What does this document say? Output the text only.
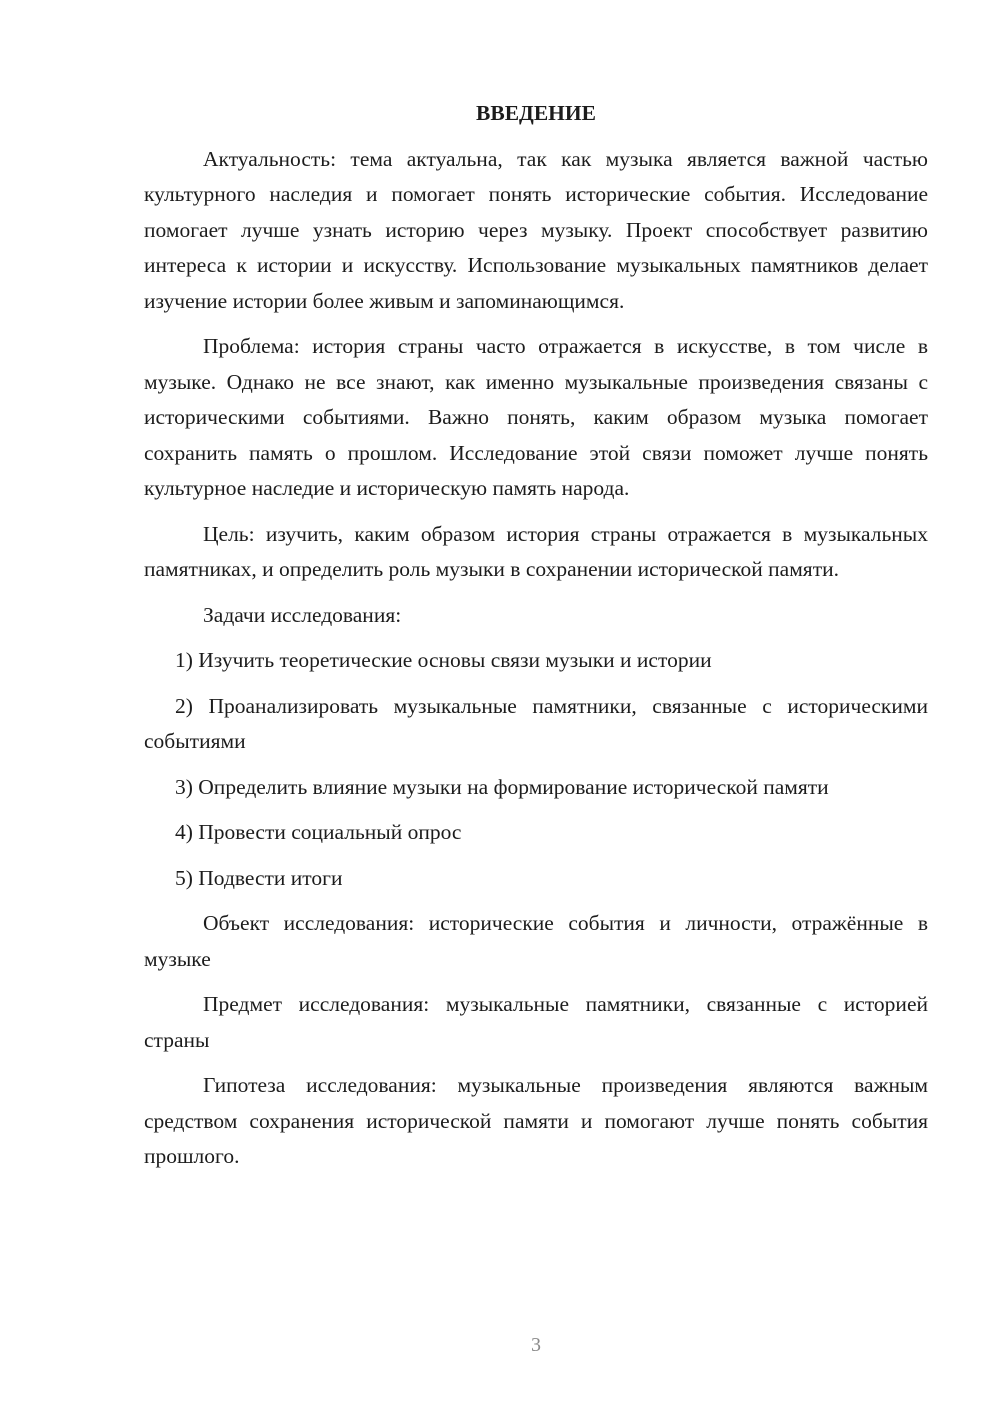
ВВЕДЕНИЕ

Актуальность: тема актуальна, так как музыка является важной частью культурного наследия и помогает понять исторические события. Исследование помогает лучше узнать историю через музыку. Проект способствует развитию интереса к истории и искусству. Использование музыкальных памятников делает изучение истории более живым и запоминающимся.

Проблема: история страны часто отражается в искусстве, в том числе в музыке. Однако не все знают, как именно музыкальные произведения связаны с историческими событиями. Важно понять, каким образом музыка помогает сохранить память о прошлом. Исследование этой связи поможет лучше понять культурное наследие и историческую память народа.

Цель: изучить, каким образом история страны отражается в музыкальных памятниках, и определить роль музыки в сохранении исторической памяти.

Задачи исследования:

1) Изучить теоретические основы связи музыки и истории

2) Проанализировать музыкальные памятники, связанные с историческими событиями

3) Определить влияние музыки на формирование исторической памяти

4) Провести социальный опрос

5) Подвести итоги

Объект исследования: исторические события и личности, отражённые в музыке

Предмет исследования: музыкальные памятники, связанные с историей страны

Гипотеза исследования: музыкальные произведения являются важным средством сохранения исторической памяти и помогают лучше понять события прошлого.

3
